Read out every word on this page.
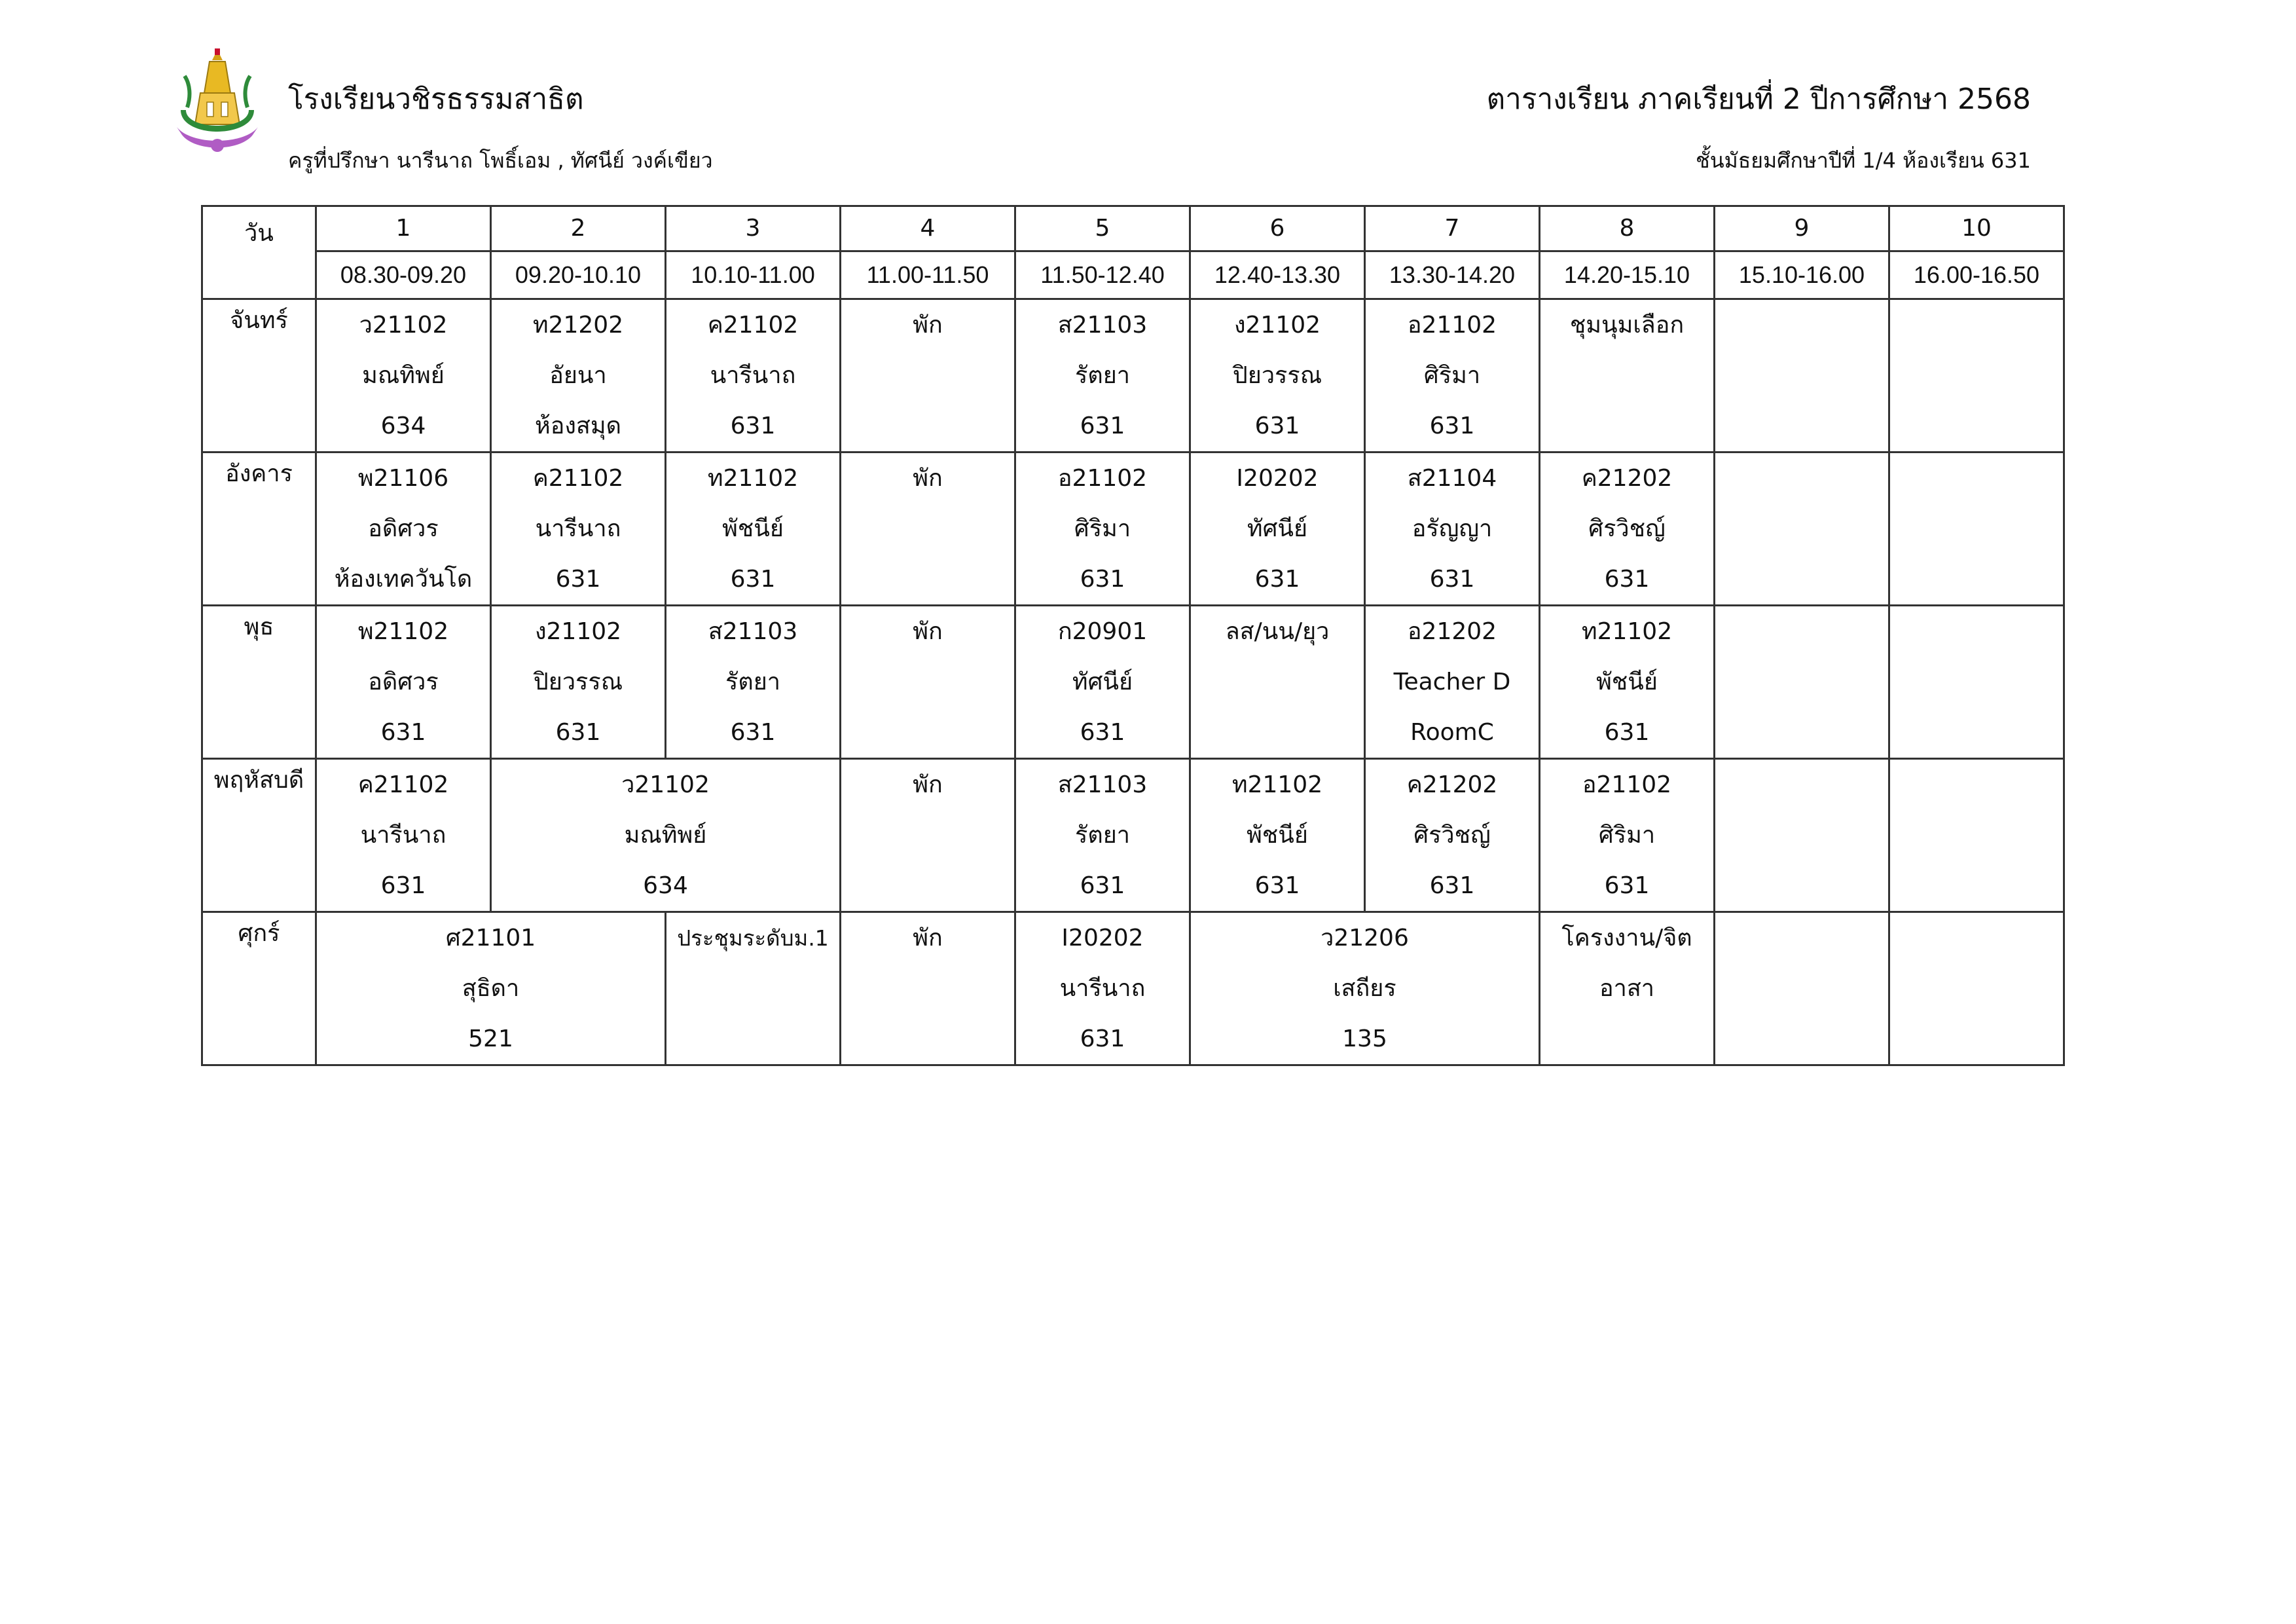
โรงเรียนวชิรธรรมสาธิต
ครูที่ปรึกษา นารีนาถ โพธิ์เอม , ทัศนีย์ วงค์เขียว
ตารางเรียน ภาคเรียนที่ 2 ปีการศึกษา 2568
ชั้นมัธยมศึกษาปีที่ 1/4 ห้องเรียน 631
วัน	1	2	3	4	5	6	7	8	9	10
	08.30-09.20	09.20-10.10	10.10-11.00	11.00-11.50	11.50-12.40	12.40-13.30	13.30-14.20	14.20-15.10	15.10-16.00	16.00-16.50

จันทร์	ว21102
มณทิพย์
634	ท21202
อัยนา
ห้องสมุด	ค21102
นารีนาถ
631	พัก	ส21103
รัตยา
631	ง21102
ปิยวรรณ
631	อ21102
ศิริมา
631	ชุมนุมเลือก		

อังคาร	พ21106
อดิศวร
ห้องเทควันโด	ค21102
นารีนาถ
631	ท21102
พัชนีย์
631	พัก	อ21102
ศิริมา
631	I20202
ทัศนีย์
631	ส21104
อรัญญา
631	ค21202
ศิรวิชญ์
631		

พุธ	พ21102
อดิศวร
631	ง21102
ปิยวรรณ
631	ส21103
รัตยา
631	พัก	ก20901
ทัศนีย์
631	ลส/นน/ยุว	อ21202
Teacher D
RoomC	ท21102
พัชนีย์
631		

พฤหัสบดี	ค21102
นารีนาถ
631	ว21102
มณทิพย์
634		พัก	ส21103
รัตยา
631	ท21102
พัชนีย์
631	ค21202
ศิรวิชญ์
631	อ21102
ศิริมา
631		

ศุกร์	ศ21101
สุธิดา
521		ประชุมระดับม.1	พัก	I20202
นารีนาถ
631	ว21206
เสถียร
135		โครงงาน/จิต
อาสา		
